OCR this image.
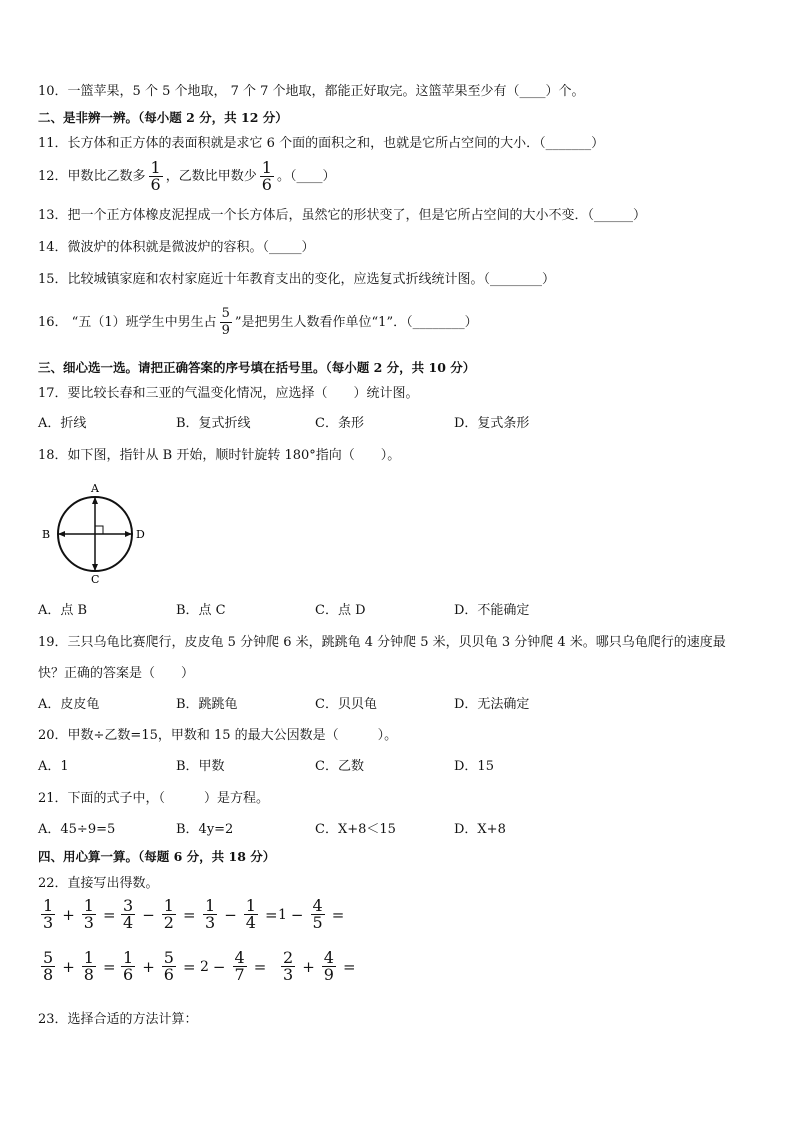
10．一篮苹果，5 个 5 个地取， 7 个 7 个地取，都能正好取完。这篮苹果至少有（____）个。
二、是非辨一辨。（每小题 2 分，共 12 分）
11．长方体和正方体的表面积就是求它 6 个面的面积之和，也就是它所占空间的大小．（_______）
12．甲数比乙数多 $\frac{1}{6}$ ，乙数比甲数少 $\frac{1}{6}$ 。（____）
13．把一个正方体橡皮泥捏成一个长方体后，虽然它的形状变了，但是它所占空间的大小不变．（______）
14．微波炉的体积就是微波炉的容积。（_____）
15．比较城镇家庭和农村家庭近十年教育支出的变化，应选复式折线统计图。（________）
16． “五（1）班学生中男生占 $\frac{5}{9}$ ”是把男生人数看作单位“1”．（________）
三、细心选一选。请把正确答案的序号填在括号里。（每小题 2 分，共 10 分）
17．要比较长春和三亚的气温变化情况，应选择（　　）统计图。
A．折线	B．复式折线	C．条形	D．复式条形
18．如下图，指针从 B 开始，顺时针旋转 180°指向（　　）。
A
B
C
D
A．点 B	B．点 C	C．点 D	D．不能确定
19．三只乌龟比赛爬行，皮皮龟 5 分钟爬 6 米，跳跳龟 4 分钟爬 5 米，贝贝龟 3 分钟爬 4 米。哪只乌龟爬行的速度最
快？正确的答案是（　　）
A．皮皮龟	B．跳跳龟	C．贝贝龟	D．无法确定
20．甲数÷乙数=15，甲数和 15 的最大公因数是（　　　）。
A．1	B．甲数	C．乙数	D．15
21．下面的式子中，（　　　）是方程。
A．45÷9=5	B．4y=2	C．X+8＜15	D．X+8
四、用心算一算。（每题 6 分，共 18 分）
22．直接写出得数。
$\frac{1}{3} + \frac{1}{3} = \frac{3}{4} - \frac{1}{2} = \frac{1}{3} - \frac{1}{4} = 1 - \frac{4}{5}$ =
$\frac{5}{8} + \frac{1}{8} = \frac{1}{6} + \frac{5}{6} = 2 - \frac{4}{7} = \frac{2}{3} + \frac{4}{9}$ =
23．选择合适的方法计算：
